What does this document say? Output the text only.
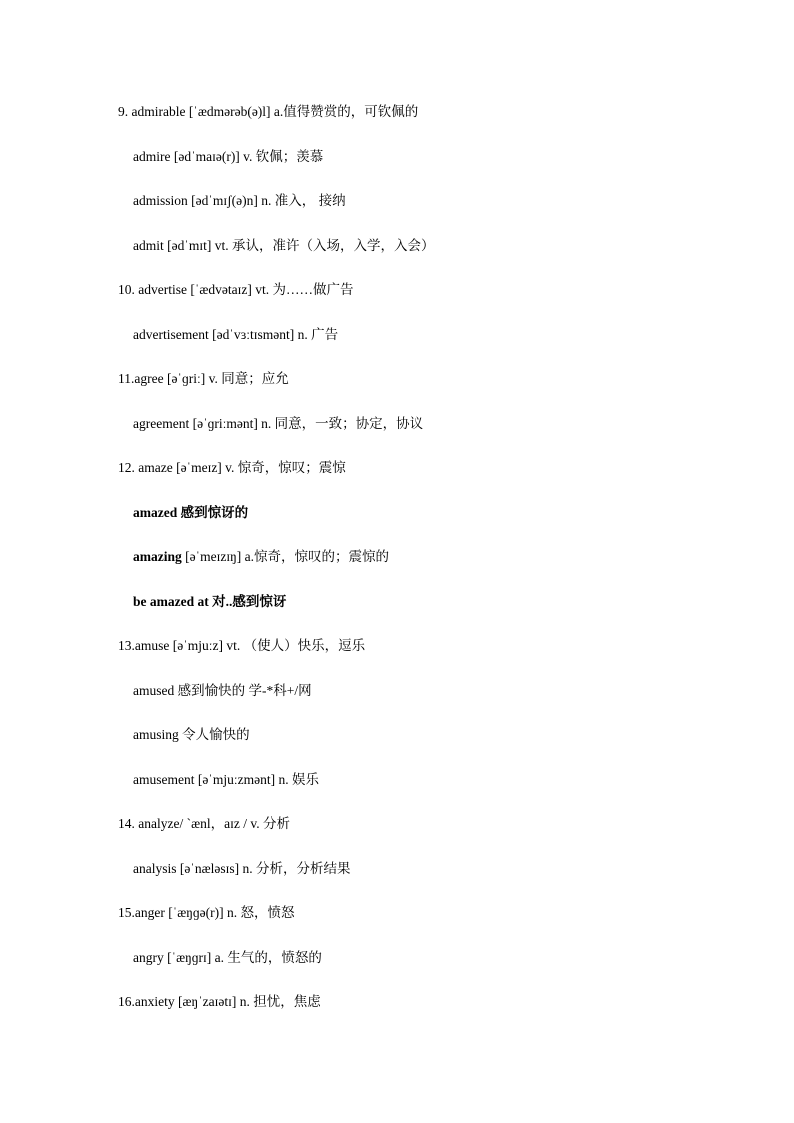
9. admirable [ˈædmərəb(ə)l] a.值得赞赏的，可钦佩的
admire [ədˈmaɪə(r)] v. 钦佩；羡慕
admission [ədˈmɪʃ(ə)n] n. 准入， 接纳
admit [ədˈmɪt] vt. 承认，准许（入场，入学，入会）
10. advertise [ˈædvətaɪz] vt. 为……做广告
advertisement [ədˈvɜːtɪsmənt] n. 广告
11.agree [əˈɡriː] v. 同意；应允
agreement [əˈɡriːmənt] n. 同意，一致；协定，协议
12. amaze [əˈmeɪz] v. 惊奇，惊叹；震惊
amazed 感到惊讶的
amazing [əˈmeɪzɪŋ] a.惊奇，惊叹的；震惊的
be amazed at 对..感到惊讶
13.amuse [əˈmjuːz] vt. （使人）快乐，逗乐
amused 感到愉快的 学-*科+/网
amusing 令人愉快的
amusement [əˈmjuːzmənt] n. 娱乐
14. analyze/ `ænl，aɪz / v. 分析
analysis [əˈnæləsɪs] n. 分析，分析结果
15.anger [ˈæŋɡə(r)] n. 怒，愤怒
angry [ˈæŋɡrɪ] a. 生气的，愤怒的
16.anxiety [æŋˈzaɪətɪ] n. 担忧，焦虑
